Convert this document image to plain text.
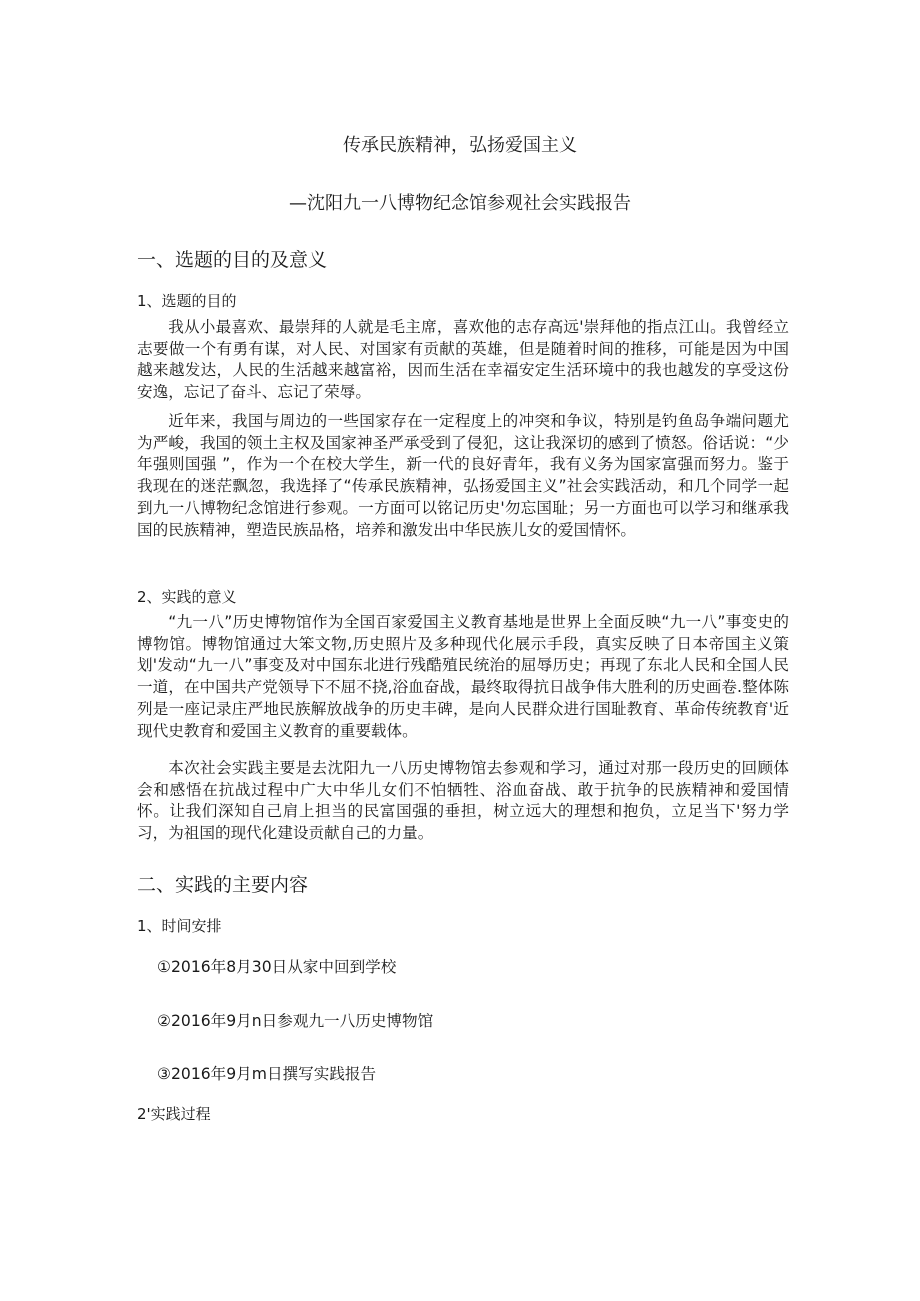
传承民族精神，弘扬爱国主义
—沈阳九一八博物纪念馆参观社会实践报告
一、选题的目的及意义
1、选题的目的

我从小最喜欢、最崇拜的人就是毛主席，喜欢他的志存高远'崇拜他的指点江山。我曾经立志要做一个有勇有谋，对人民、对国家有贡献的英雄，但是随着时间的推移，可能是因为中国越来越发达，人民的生活越来越富裕，因而生活在幸福安定生活环境中的我也越发的享受这份安逸，忘记了奋斗、忘记了荣辱。

近年来，我国与周边的一些国家存在一定程度上的冲突和争议，特别是钓鱼岛争端问题尤为严峻，我国的领土主权及国家神圣严承受到了侵犯，这让我深切的感到了愤怒。俗话说：“少年强则国强 ”，作为一个在校大学生，新一代的良好青年，我有义务为国家富强而努力。鉴于我现在的迷茫飘忽，我选择了“传承民族精神，弘扬爱国主义”社会实践活动，和几个同学一起到九一八博物纪念馆进行参观。一方面可以铭记历史'勿忘国耻；另一方面也可以学习和继承我国的民族精神，塑造民族品格，培养和激发出中华民族儿女的爱国情怀。

2、实践的意义

“九一八”历史博物馆作为全国百家爱国主义教育基地是世界上全面反映“九一八”事变史的博物馆。博物馆通过大笨文物,历史照片及多种现代化展示手段，真实反映了日本帝国主义策划'发动“九一八”事变及对中国东北进行残酷殖民统治的屈辱历史；再现了东北人民和全国人民一道，在中国共产党领导下不屈不挠,浴血奋战，最终取得抗日战争伟大胜利的历史画卷.整体陈列是一座记录庄严地民族解放战争的历史丰碑，是向人民群众进行国耻教育、革命传统教育'近现代史教育和爱国主义教育的重要载体。

本次社会实践主要是去沈阳九一八历史博物馆去参观和学习，通过对那一段历史的回顾体会和感悟在抗战过程中广大中华儿女们不怕牺牲、浴血奋战、敢于抗争的民族精神和爱国情怀。让我们深知自己肩上担当的民富国强的垂担，树立远大的理想和抱负，立足当下'努力学习，为祖国的现代化建设贡献自己的力量。

二、实践的主要内容
1、时间安排
①2016年8月30日从家中回到学校
②2016年9月n日参观九一八历史博物馆
③2016年9月m日撰写实践报告
2'实践过程
